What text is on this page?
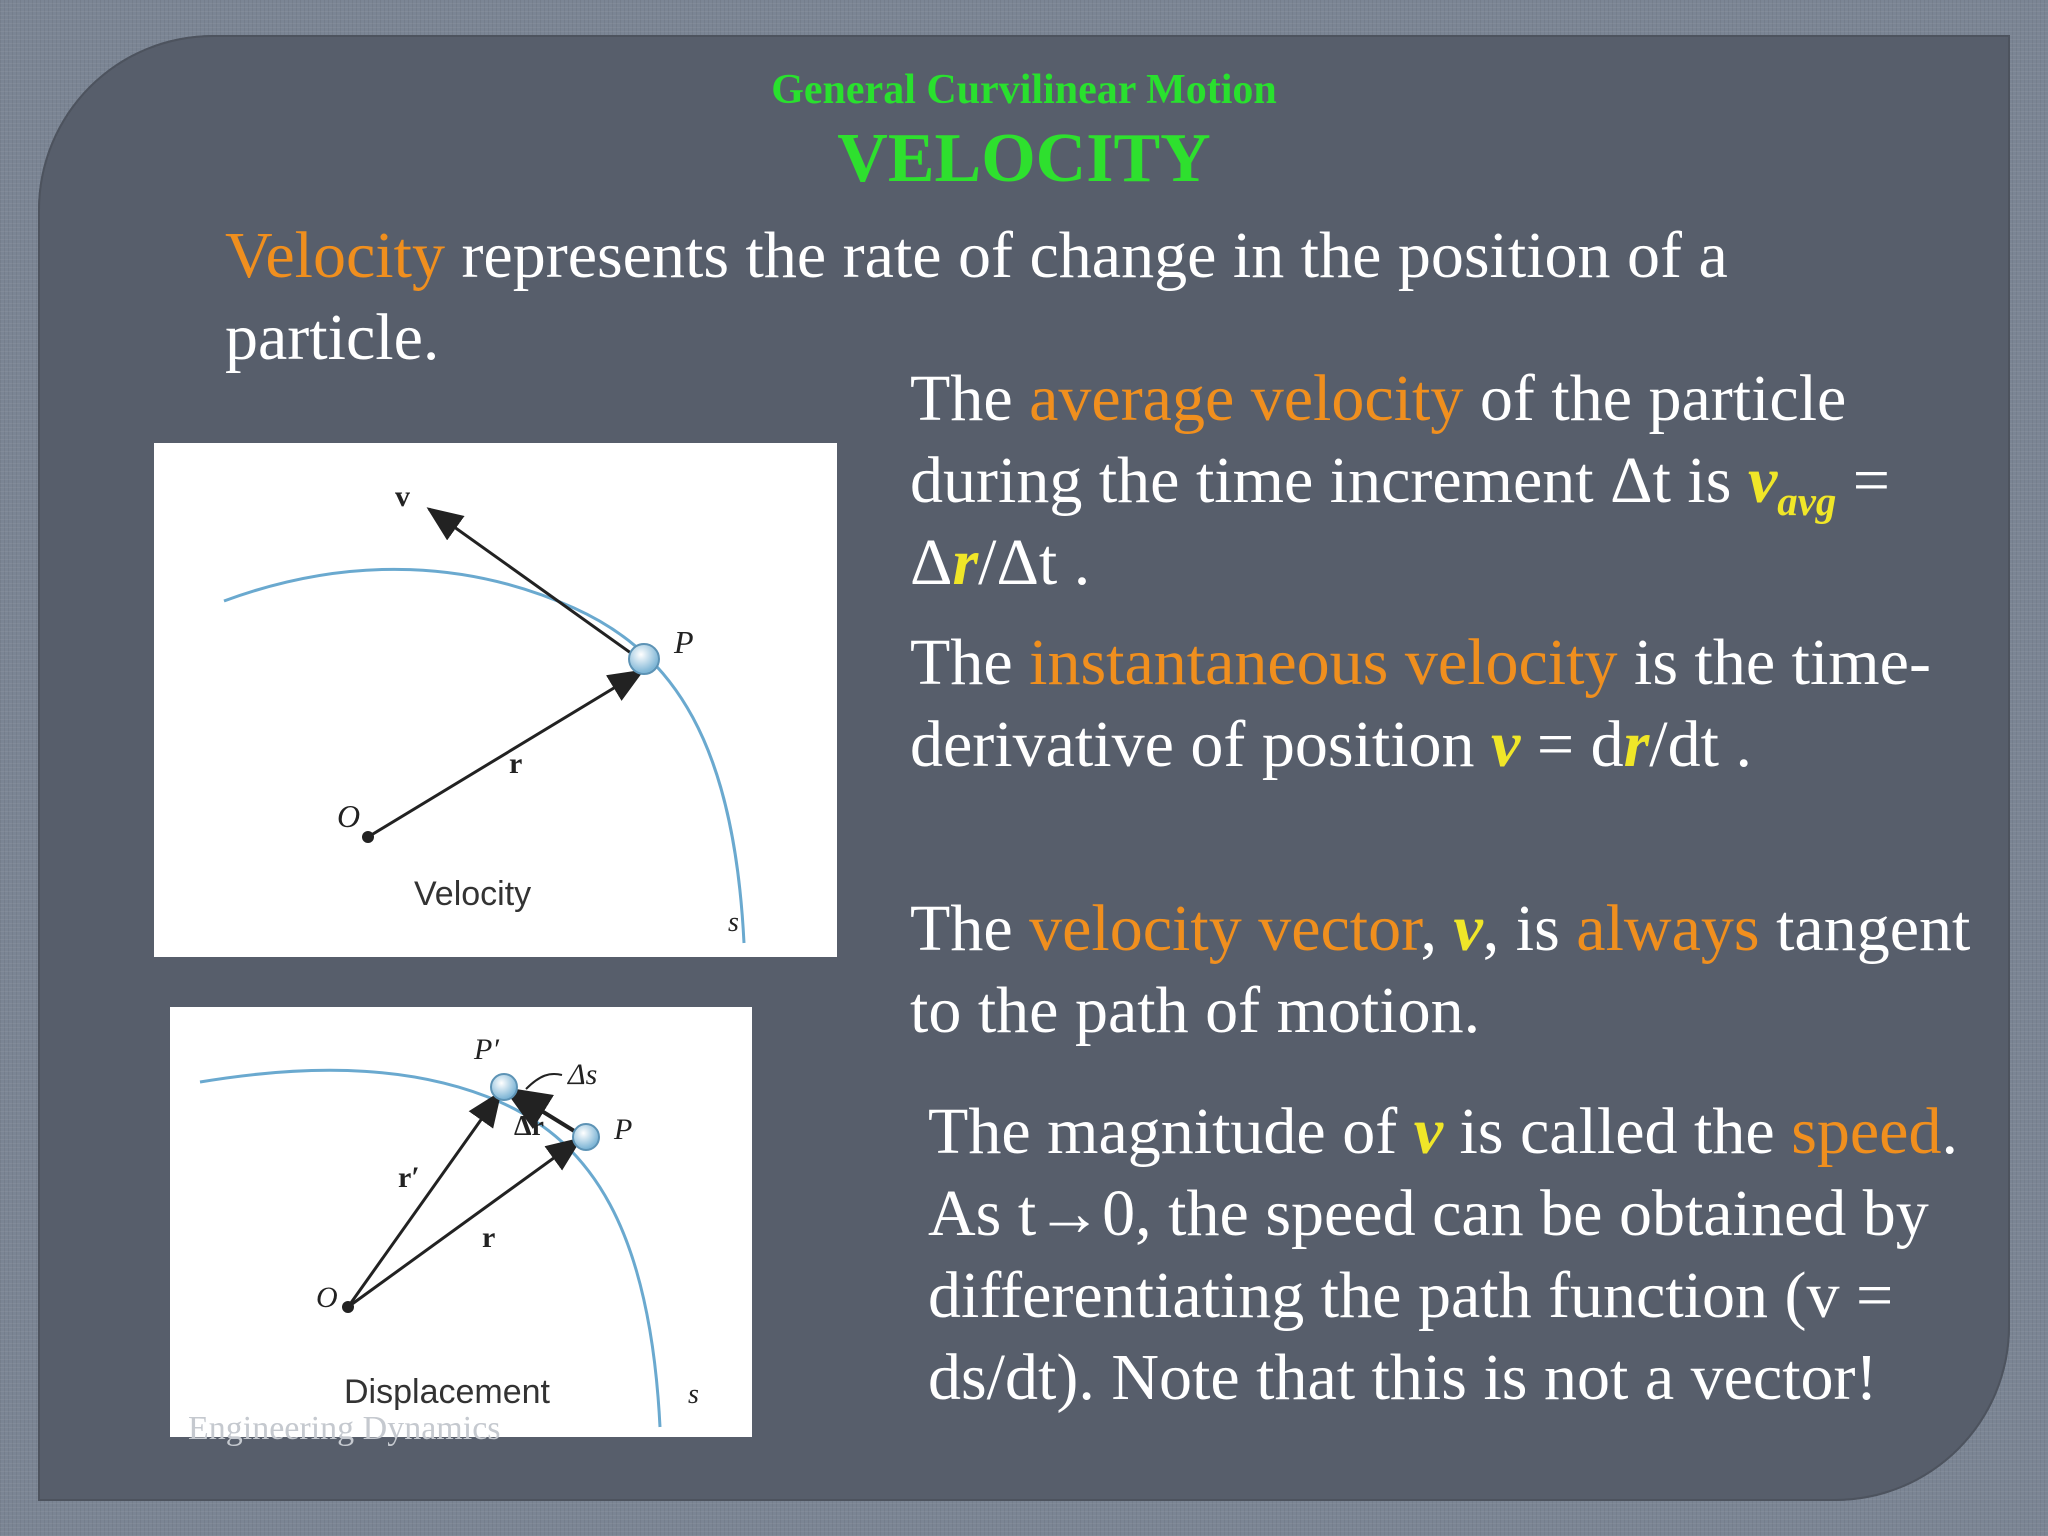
General Curvilinear Motion
VELOCITY
Velocity represents the rate of change in the position of a particle.
The average velocity of the particle during the time increment Δt is $v_{avg} = \Delta r/\Delta t$ .
The instantaneous velocity is the time-derivative of position v = dr/dt .
The velocity vector, v, is always tangent to the path of motion.
The magnitude of v is called the speed. As t→0, the speed can be obtained by differentiating the path function (v = ds/dt). Note that this is not a vector!
v
P
r
O
Velocity
s
P′
Δs
Δr P
r′
r
O
Displacement	s
Engineering Dynamics
